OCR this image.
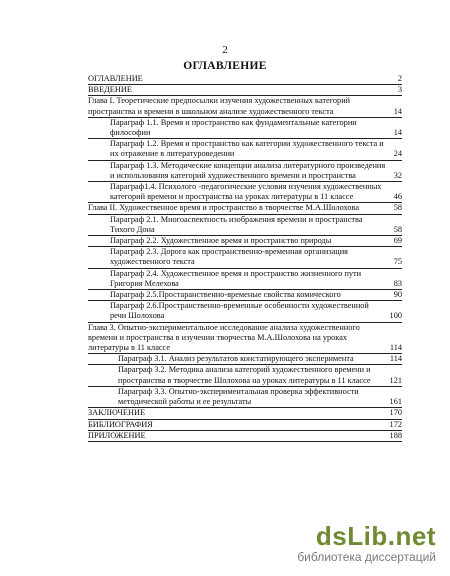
2
ОГЛАВЛЕНИЕ
ОГЛАВЛЕНИЕ	2
ВВЕДЕНИЕ	3
Глава I. Теоретические предпосылки изучения художественных категорий пространства и времени в школьном анализе художественного текста	14
Параграф 1.1. Время и пространство как фундаментальные категории философии	14
Параграф 1.2. Время и пространство как категории художественного текста и их отражение в литературоведении	24
Параграф 1.3. Методические концепции анализа литературного произведения и использования категорий художественного времени и пространства	32
Параграф1.4. Психолого -педагогические условия изучения художественных категорий времени и пространства на уроках литературы в 11 классе	46
Глава II. Художественное время и пространство в творчестве М.А.Шолохова	58
Параграф 2.1. Многоаспектность изображения времени и пространства Тихого Дона	58
Параграф 2.2. Художественное время и пространство природы	69
Параграф 2.3. Дорога как пространственно-временная организация художественного текста	75
Параграф 2.4. Художественное время и пространство жизненного пути Григория Мелехова	83
Параграф 2.5.Простаранственно-временые свойства комического	90
Параграф 2.6.Пространственно-временные особенности художественной речи Шолохова	100
Глава 3. Опытно-экспериментальное исследование анализа художественного времени и пространства в изучении творчества М.А.Шолохова на уроках литературы в 11 классе	114
Параграф 3.1. Анализ результатов констатирующего эксперимента	114
Параграф 3.2. Методика анализа категорий художественного времени и пространства в творчестве Шолохова на уроках литературы в 11 классе	121
Параграф 3.3. Опытно-экспериментальная проверка эффективности методической работы и ее результаты	161
ЗАКЛЮЧЕНИЕ	170
БИБЛИОГРАФИЯ	172
ПРИЛОЖЕНИЕ	188
dsLib.net
библиотека диссертаций
